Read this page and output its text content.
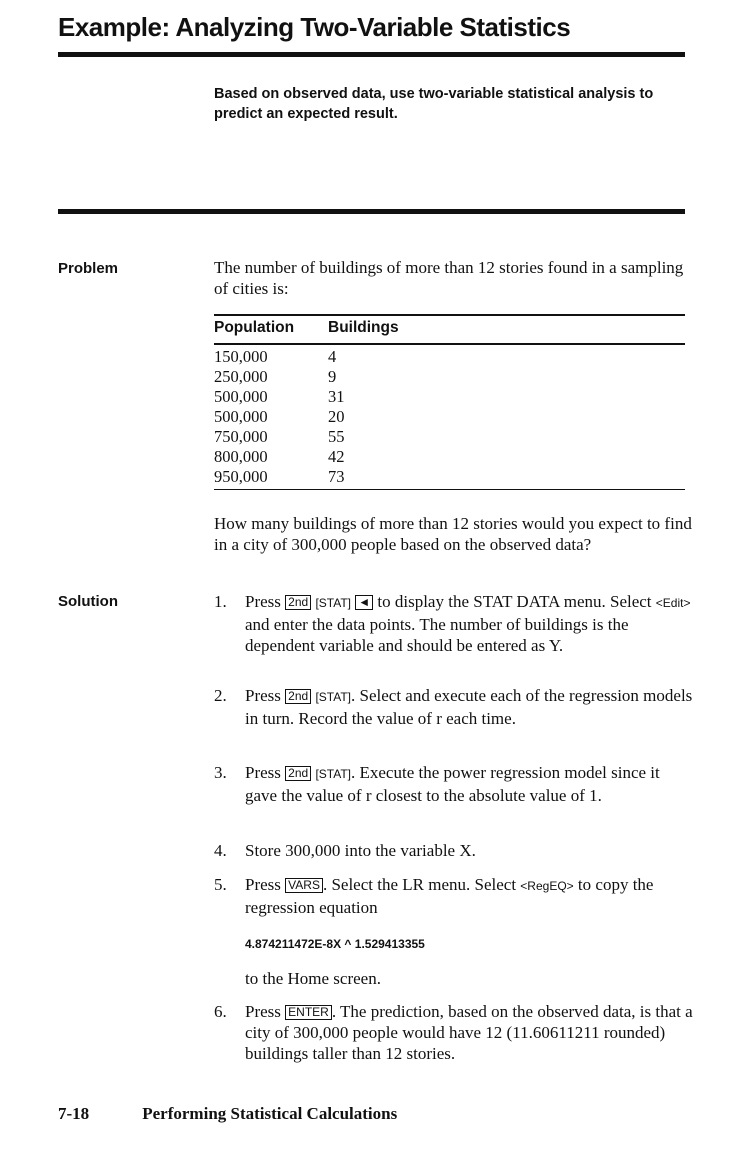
Example: Analyzing Two-Variable Statistics
Based on observed data, use two-variable statistical analysis to predict an expected result.
Problem	The number of buildings of more than 12 stories found in a sampling of cities is:
Population	Buildings
150,000	4
250,000	9
500,000	31
500,000	20
750,000	55
800,000	42
950,000	73
How many buildings of more than 12 stories would you expect to find in a city of 300,000 people based on the observed data?
Solution	1. Press 2nd [STAT] ◄ to display the STAT DATA menu. Select <Edit> and enter the data points. The number of buildings is the dependent variable and should be entered as Y.
2. Press 2nd [STAT]. Select and execute each of the regression models in turn. Record the value of r each time.
3. Press 2nd [STAT]. Execute the power regression model since it gave the value of r closest to the absolute value of 1.
4. Store 300,000 into the variable X.
5. Press VARS . Select the LR menu. Select <RegEQ> to copy the regression equation
4.874211472E-8X ^ 1.529413355
to the Home screen.
6. Press ENTER . The prediction, based on the observed data, is that a city of 300,000 people would have 12 (11.60611211 rounded) buildings taller than 12 stories.
7-18	Performing Statistical Calculations
